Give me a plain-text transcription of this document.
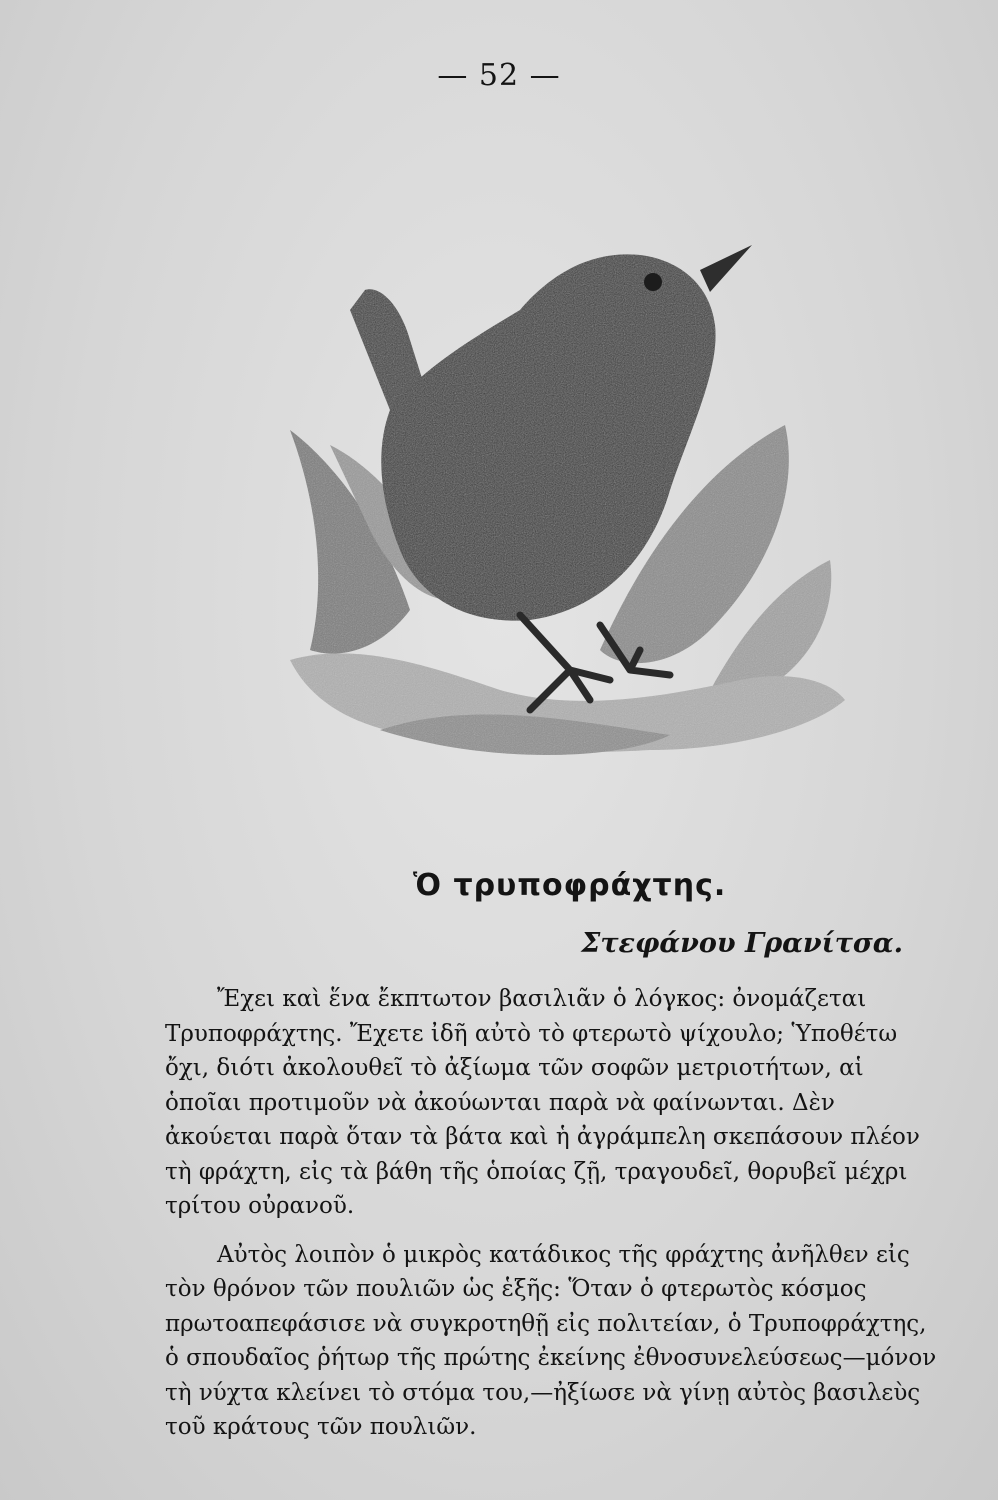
— 52 —
Ὁ τρυποφράχτης.
Στεφάνου Γρανίτσα.

Ἔχει καὶ ἕνα ἔκπτωτον βασιλιᾶν ὁ λόγκος: ὀνομάζεται Τρυποφράχτης. Ἔχετε ἰδῆ αὐτὸ τὸ φτερωτὸ ψίχουλο; Ὑποθέτω ὄχι, διότι ἀκολουθεῖ τὸ ἀξίωμα τῶν σοφῶν μετριοτήτων, αἱ ὁποῖαι προτιμοῦν νὰ ἀκούωνται παρὰ νὰ φαίνωνται. Δὲν ἀκούεται παρὰ ὅταν τὰ βάτα καὶ ἡ ἀγράμπελη σκεπάσουν πλέον τὴ φράχτη, εἰς τὰ βάθη τῆς ὁποίας ζῇ, τραγουδεῖ, θορυβεῖ μέχρι τρίτου οὐρανοῦ.

Αὐτὸς λοιπὸν ὁ μικρὸς κατάδικος τῆς φράχτης ἀνῆλθεν εἰς τὸν θρόνον τῶν πουλιῶν ὡς ἑξῆς: Ὅταν ὁ φτερωτὸς κόσμος πρωτοαπεφάσισε νὰ συγκροτηθῇ εἰς πολιτείαν, ὁ Τρυποφράχτης, ὁ σπουδαῖος ῥήτωρ τῆς πρώτης ἐκείνης ἐθνοσυνελεύσεως—μόνον τὴ νύχτα κλείνει τὸ στόμα του,—ἠξίωσε νὰ γίνῃ αὐτὸς βασιλεὺς τοῦ κράτους τῶν πουλιῶν.
